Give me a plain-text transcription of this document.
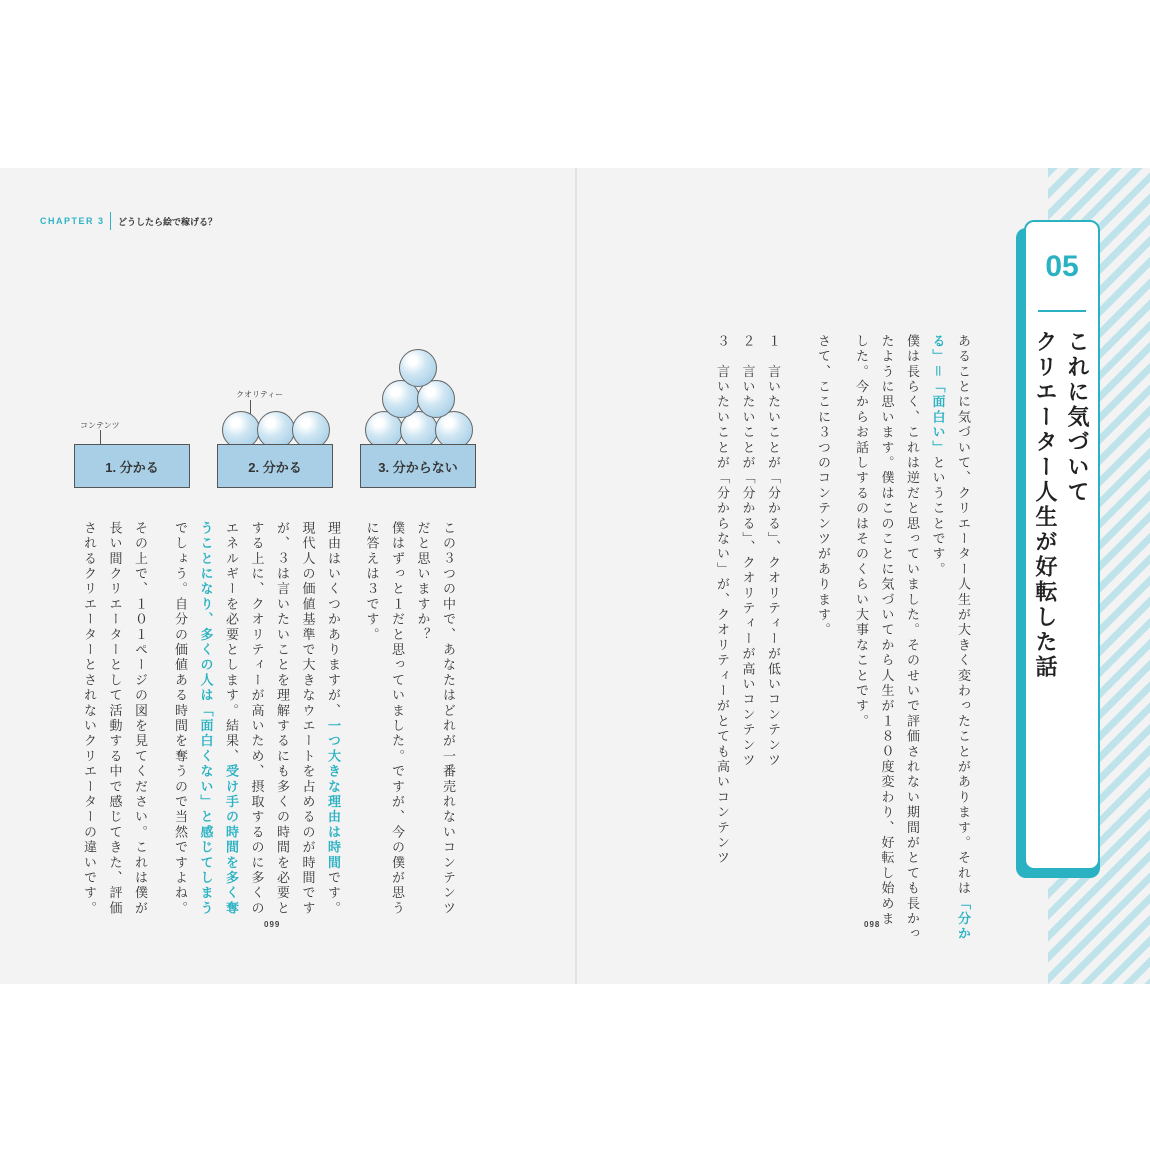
CHAPTER 3 どうしたら絵で稼げる？
コンテンツ
クオリティー
1. 分かる	2. 分かる	3. 分からない
この３つの中で、あなたはどれが一番売れないコンテンツ
だと思いますか？
僕はずっと１だと思っていました。ですが、今の僕が思う
に答えは３です。
理由はいくつかありますが、一つ大きな理由は時間です。
現代人の価値基準で大きなウエートを占めるのが時間です
が、３は言いたいことを理解するにも多くの時間を必要と
する上に、クオリティーが高いため、摂取するのに多くの
エネルギーを必要とします。結果、受け手の時間を多く奪
うことになり、多くの人は「面白くない」と感じてしまう
でしょう。自分の価値ある時間を奪うので当然ですよね。
その上で、１０１ページの図を見てください。これは僕が
長い間クリエーターとして活動する中で感じてきた、評価
されるクリエーターとされないクリエーターの違いです。
099
あることに気づいて、クリエーター人生が大きく変わったことがあります。それは「分か
る」＝「面白い」ということです。
僕は長らく、これは逆だと思っていました。そのせいで評価されない期間がとても長かっ
たように思います。僕はこのことに気づいてから人生が１８０度変わり、好転し始めま
した。今からお話しするのはそのくらい大事なことです。
さて、ここに３つのコンテンツがあります。
１　言いたいことが「分かる」、クオリティーが低いコンテンツ
２　言いたいことが「分かる」、クオリティーが高いコンテンツ
３　言いたいことが「分からない」が、クオリティーがとても高いコンテンツ
098
05
これに気づいて
クリエーター人生が好転した話
